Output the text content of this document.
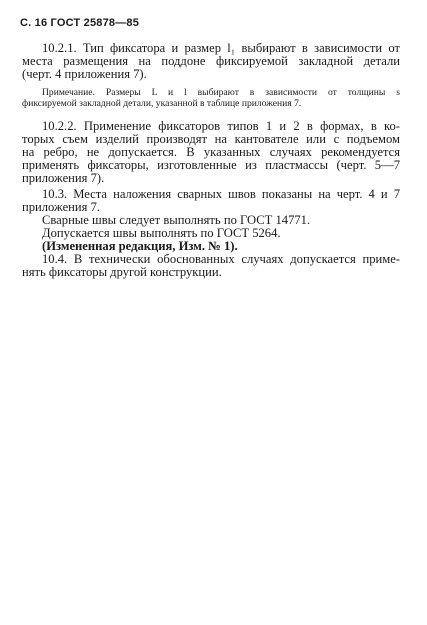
С. 16 ГОСТ 25878—85
10.2.1. Тип фиксатора и размер l₁ выбирают в зависимости от
места размещения на поддоне фиксируемой закладной детали
(черт. 4 приложения 7).
Примечание. Размеры L и l выбирают в зависимости от толщины s
фиксируемой закладной детали, указанной в таблице приложения 7.
10.2.2. Применение фиксаторов типов 1 и 2 в формах, в ко-
торых съем изделий производят на кантователе или с подъемом
на ребро, не допускается. В указанных случаях рекомендуется
применять фиксаторы, изготовленные из пластмассы (черт. 5—7
приложения 7).
10.3. Места наложения сварных швов показаны на черт. 4 и 7
приложения 7.
Сварные швы следует выполнять по ГОСТ 14771.
Допускается швы выполнять по ГОСТ 5264.
(Измененная редакция, Изм. № 1).
10.4. В технически обоснованных случаях допускается приме-
нять фиксаторы другой конструкции.
